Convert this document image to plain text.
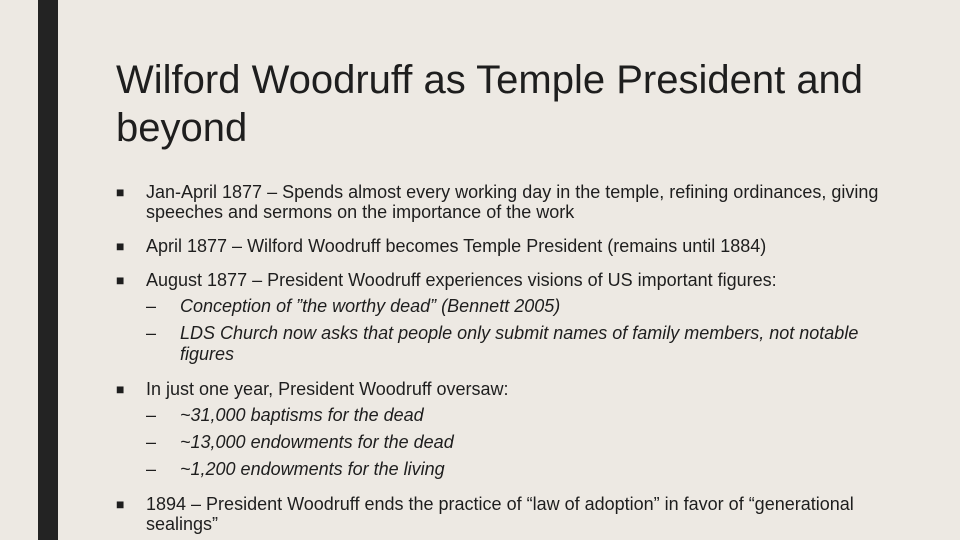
Wilford Woodruff as Temple President and beyond
■ Jan-April 1877 – Spends almost every working day in the temple, refining ordinances, giving speeches and sermons on the importance of the work
■ April 1877 – Wilford Woodruff becomes Temple President (remains until 1884)
■ August 1877 – President Woodruff experiences visions of US important figures:
–	Conception of ”the worthy dead” (Bennett 2005)
–	LDS Church now asks that people only submit names of family members, not notable figures
■ In just one year, President Woodruff oversaw:
–	~31,000 baptisms for the dead
–	~13,000 endowments for the dead
–	~1,200 endowments for the living
■ 1894 – President Woodruff ends the practice of “law of adoption” in favor of “generational sealings”
